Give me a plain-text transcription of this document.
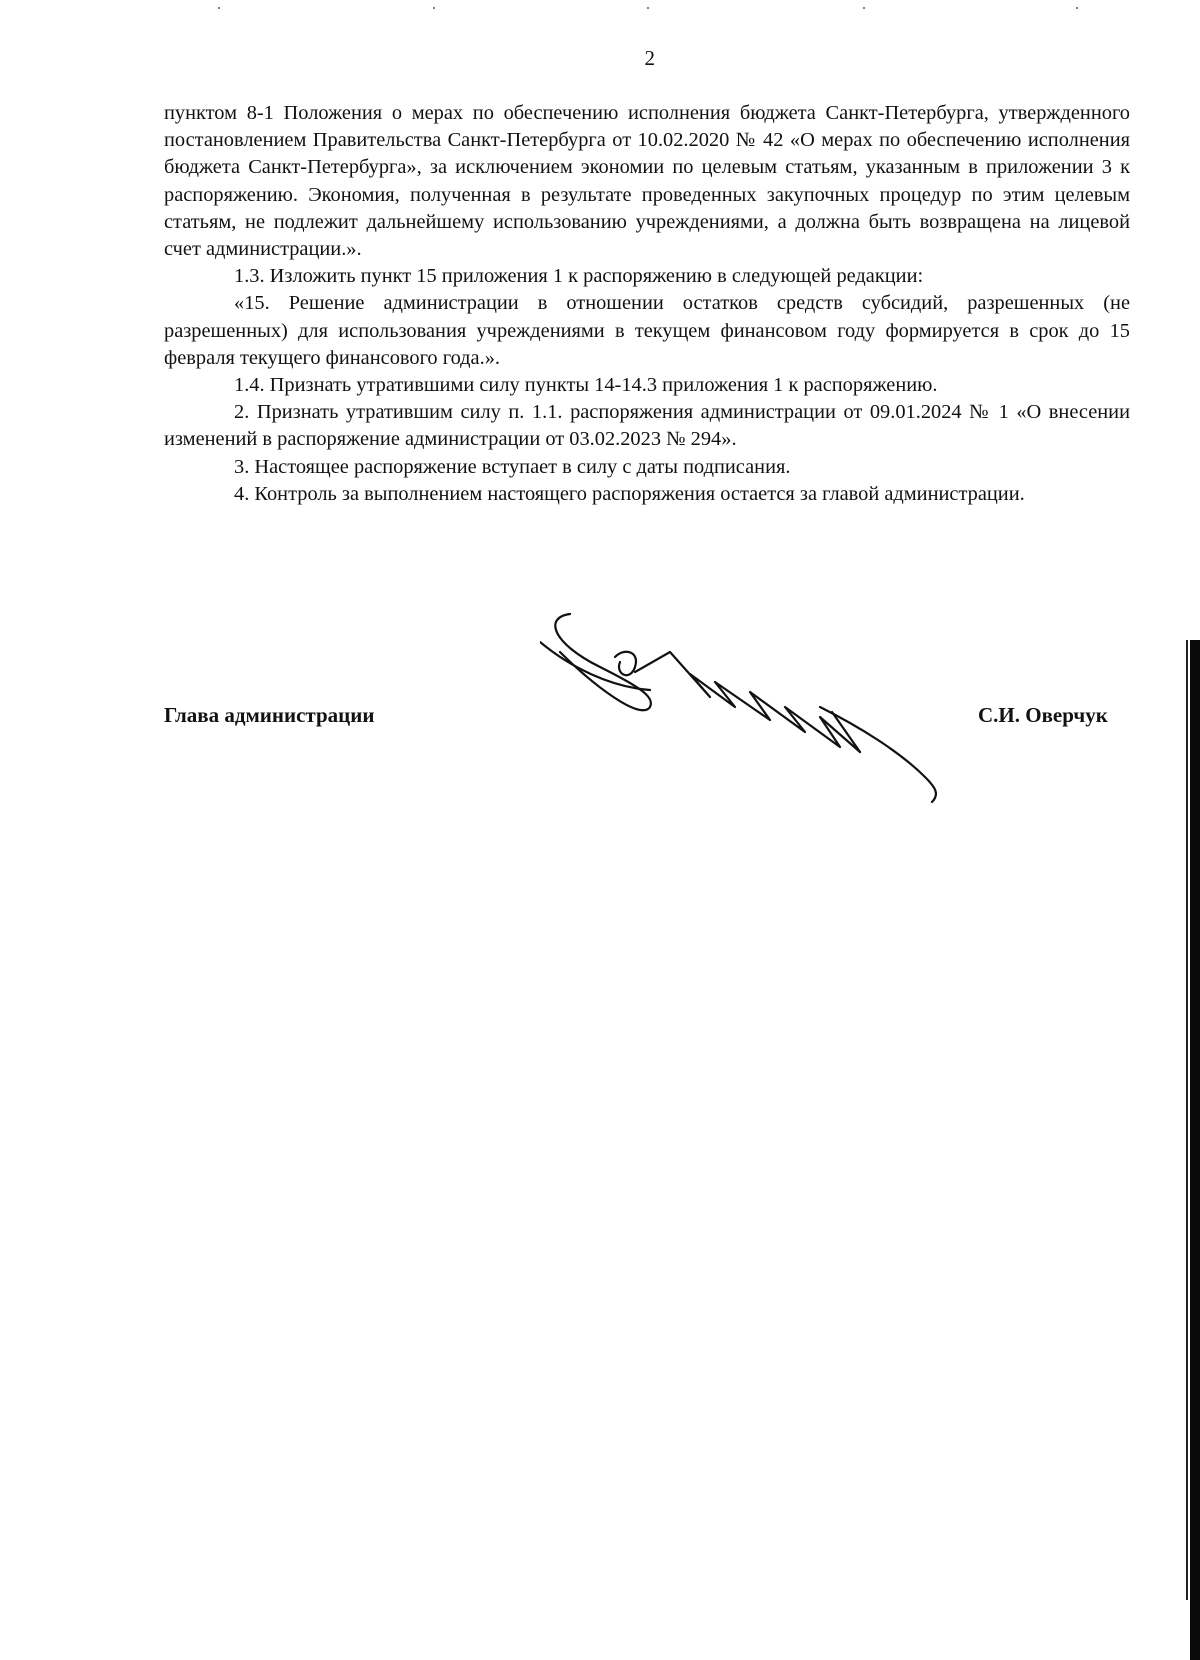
2

пунктом 8-1 Положения о мерах по обеспечению исполнения бюджета Санкт-Петербурга, утвержденного постановлением Правительства Санкт-Петербурга от 10.02.2020 № 42 «О мерах по обеспечению исполнения бюджета Санкт-Петербурга», за исключением экономии по целевым статьям, указанным в приложении 3 к распоряжению. Экономия, полученная в результате проведенных закупочных процедур по этим целевым статьям, не подлежит дальнейшему использованию учреждениями, а должна быть возвращена на лицевой счет администрации.».

1.3. Изложить пункт 15 приложения 1 к распоряжению в следующей редакции:

«15. Решение администрации в отношении остатков средств субсидий, разрешенных (не разрешенных) для использования учреждениями в текущем финансовом году формируется в срок до 15 февраля текущего финансового года.».

1.4. Признать утратившими силу пункты 14-14.3 приложения 1 к распоряжению.

2. Признать утратившим силу п. 1.1. распоряжения администрации от 09.01.2024 № 1 «О внесении изменений в распоряжение администрации от 03.02.2023 № 294».

3. Настоящее распоряжение вступает в силу с даты подписания.

4. Контроль за выполнением настоящего распоряжения остается за главой администрации.

Глава администрации	С.И. Оверчук
